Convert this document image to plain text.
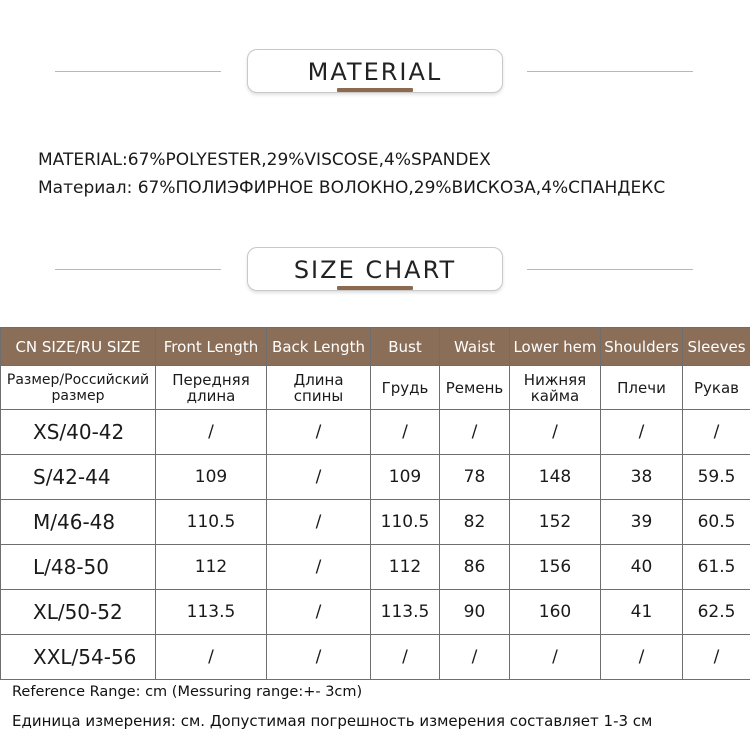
MATERIAL
MATERIAL:67%POLYESTER,29%VISCOSE,4%SPANDEX
Материал: 67%ПОЛИЭФИРНОЕ ВОЛОКНО,29%ВИСКОЗА,4%СПАНДЕКС
SIZE CHART
CN SIZE/RU SIZE	Front Length	Back Length	Bust	Waist	Lower hem	Shoulders	Sleeves
Размер/Российский размер	Передняя длина	Длина спины	Грудь	Ремень	Нижняя кайма	Плечи	Рукав
XS/40-42	/	/	/	/	/	/	/
S/42-44	109	/	109	78	148	38	59.5
M/46-48	110.5	/	110.5	82	152	39	60.5
L/48-50	112	/	112	86	156	40	61.5
XL/50-52	113.5	/	113.5	90	160	41	62.5
XXL/54-56	/	/	/	/	/	/	/
Reference Range: cm (Messuring range:+- 3cm)
Единица измерения: см. Допустимая погрешность измерения составляет 1-3 см
